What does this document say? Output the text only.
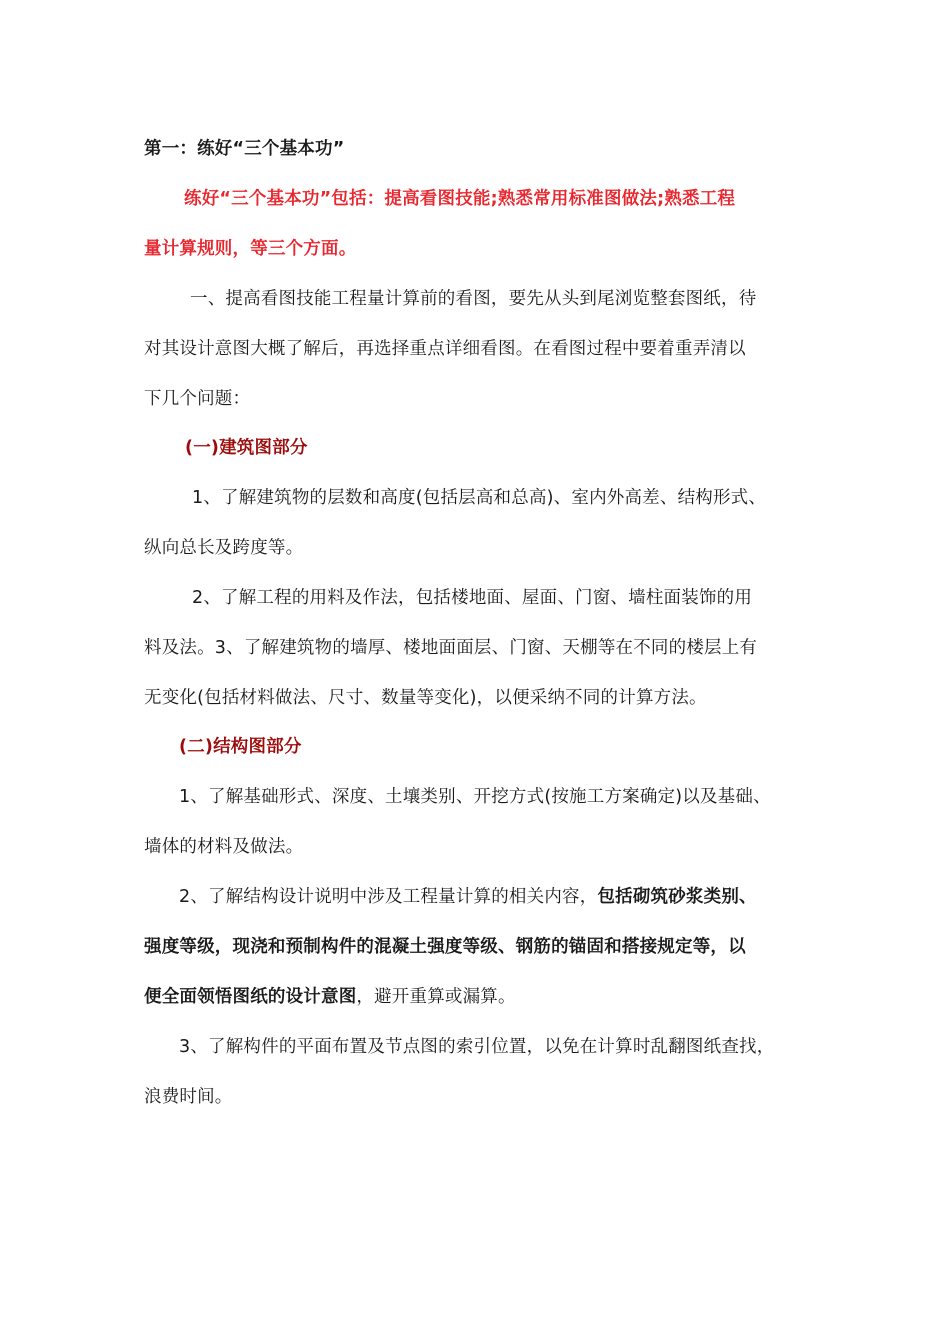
第一：练好“三个基本功”
练好“三个基本功”包括：提高看图技能;熟悉常用标准图做法;熟悉工程
量计算规则，等三个方面。
一、提高看图技能工程量计算前的看图，要先从头到尾浏览整套图纸，待
对其设计意图大概了解后，再选择重点详细看图。在看图过程中要着重弄清以
下几个问题：
(一)建筑图部分
1、了解建筑物的层数和高度(包括层高和总高)、室内外高差、结构形式、
纵向总长及跨度等。
2、了解工程的用料及作法，包括楼地面、屋面、门窗、墙柱面装饰的用
料及法。3、了解建筑物的墙厚、楼地面面层、门窗、天棚等在不同的楼层上有
无变化(包括材料做法、尺寸、数量等变化)，以便采纳不同的计算方法。
(二)结构图部分
1、了解基础形式、深度、土壤类别、开挖方式(按施工方案确定)以及基础、
墙体的材料及做法。
2、了解结构设计说明中涉及工程量计算的相关内容，包括砌筑砂浆类别、
强度等级，现浇和预制构件的混凝土强度等级、钢筋的锚固和搭接规定等，以
便全面领悟图纸的设计意图，避开重算或漏算。
3、了解构件的平面布置及节点图的索引位置，以免在计算时乱翻图纸查找，
浪费时间。
